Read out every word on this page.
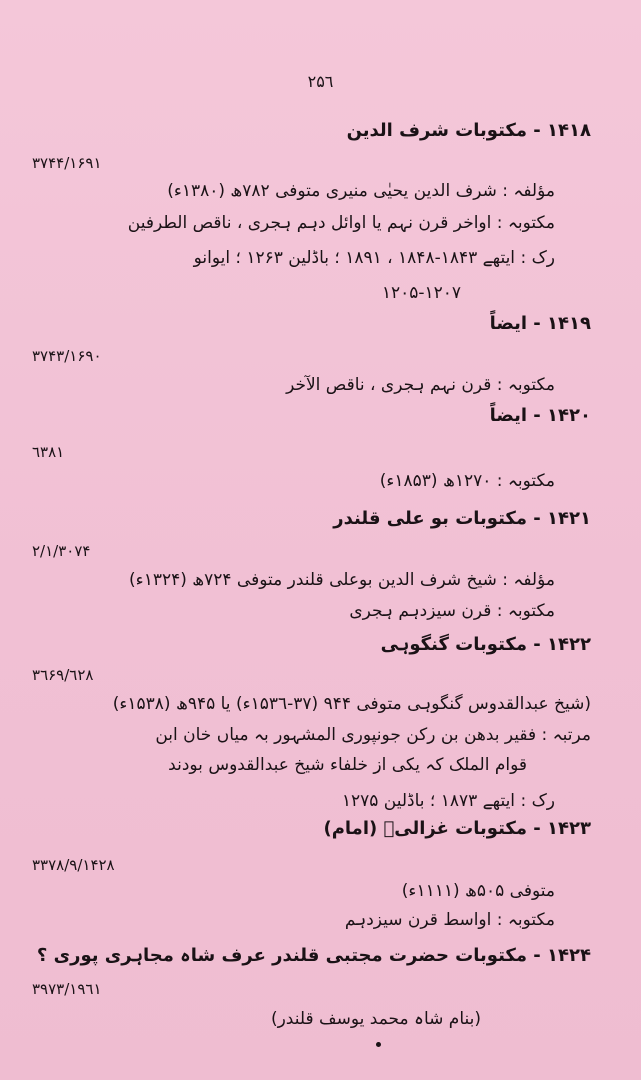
۲۵٦
۱۴۱۸ - مکتوبات شرف الدین
۳۷۴۴/۱۶۹۱
مؤلفہ : شرف الدین یحیٰی منیری متوفی ۷۸۲ھ (۱۳۸۰ء)
مکتوبہ : اواخر قرن نہم یا اوائل دہم ہجری ، ناقص الطرفین
رک : ایتھے ۱۸۴۳-۱۸۴۸ ، ۱۸۹۱ ؛ باڈلین ۱۲۶۳ ؛ ایوانو
۱۲۰۵-۱۲۰۷
۱۴۱۹ - ایضاً
۳۷۴۳/۱۶۹۰
مکتوبہ : قرن نہم ہجری ، ناقص الآخر
۱۴۲۰ - ایضاً
٦٣٨١
مکتوبہ : ۱۲۷۰ھ (۱۸۵۳ء)
۱۴۲۱ - مکتوبات بو علی قلندر
۲/۱/۳۰۷۴
مؤلفہ : شیخ شرف الدین بوعلی قلندر متوفی ۷۲۴ھ (۱۳۲۴ء)
مکتوبہ : قرن سیزدہم ہجری
۱۴۲۲ - مکتوبات گنگوہی
۳٦۶۹/٦۲۸
(شیخ عبدالقدوس گنگوہی متوفی ۹۴۴ (۳۷-۱۵۳٦ء) یا ۹۴۵ھ (۱۵۳۸ء)
مرتبہ : فقیر بدھن بن رکن جونپوری المشہور بہ میاں خان ابن
قوام الملک کہ یکی از خلفاء شیخ عبدالقدوس بودند
رک : ایتھے ۱۸۷۳ ؛ باڈلین ۱۲۷۵
۱۴۲۳ - مکتوبات غزالیؒ (امام)
۳۳۷۸/۹/۱۴۲۸
متوفی ۵۰۵ھ (۱۱۱۱ء)
مکتوبہ : اواسط قرن سیزدہم
۱۴۲۴ - مکتوبات حضرت مجتبی قلندر عرف شاہ مجاہری پوری ؟
۳۹۷۳/۱۹٦۱
(بنام شاہ محمد یوسف قلندر)
